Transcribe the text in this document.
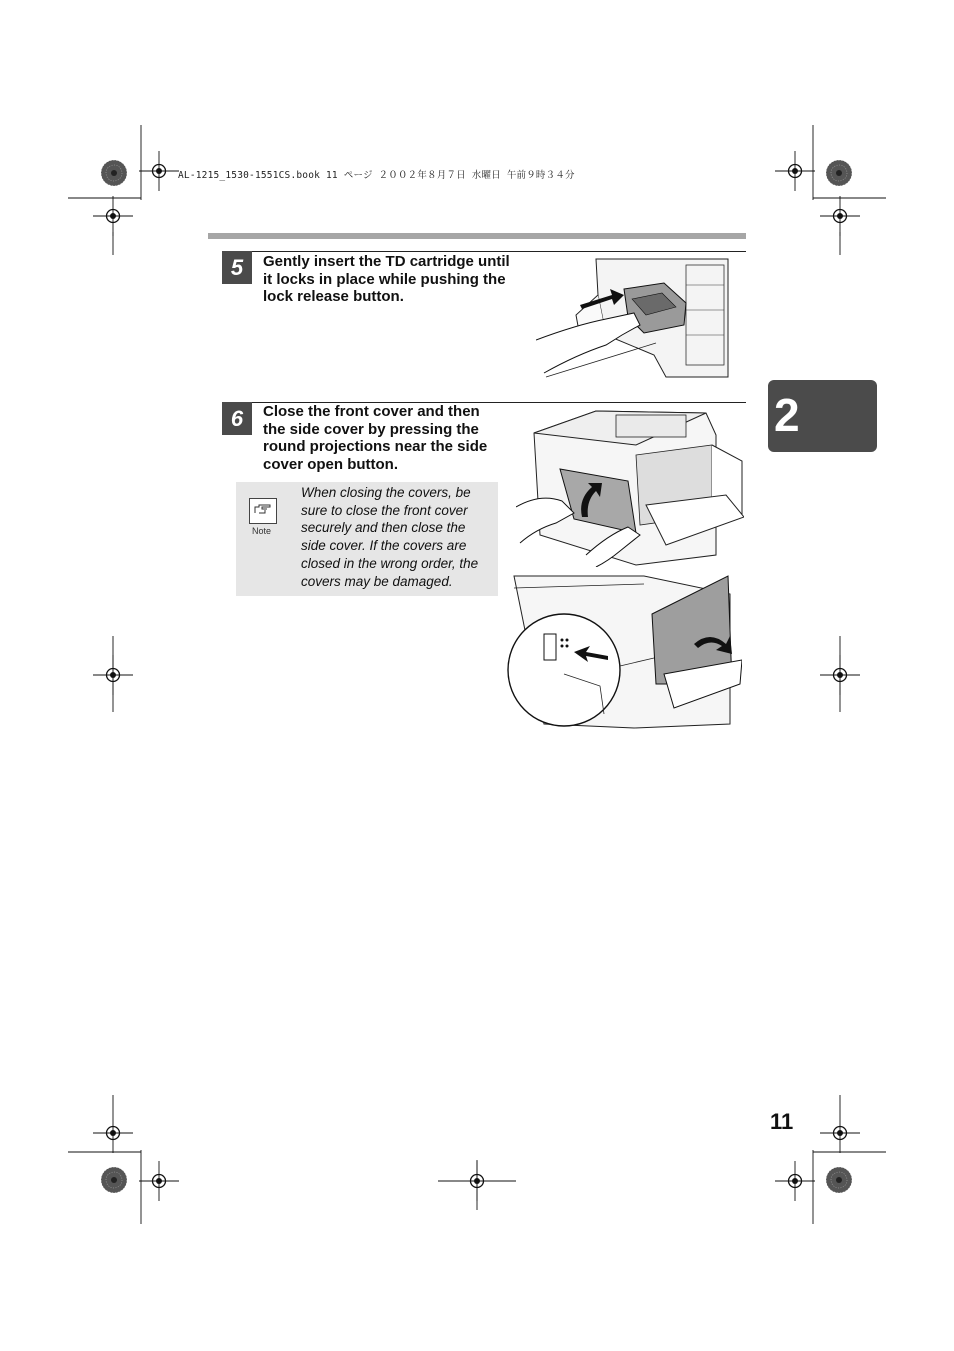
AL-1215_1530-1551CS.book 11 ページ ２００２年８月７日 水曜日 午前９時３４分
5	Gently insert the TD cartridge until it locks in place while pushing the lock release button.
6	Close the front cover and then the side cover by pressing the round projections near the side cover open button.
Note
When closing the covers, be sure to close the front cover securely and then close the side cover. If the covers are closed in the wrong order, the covers may be damaged.
2
11
